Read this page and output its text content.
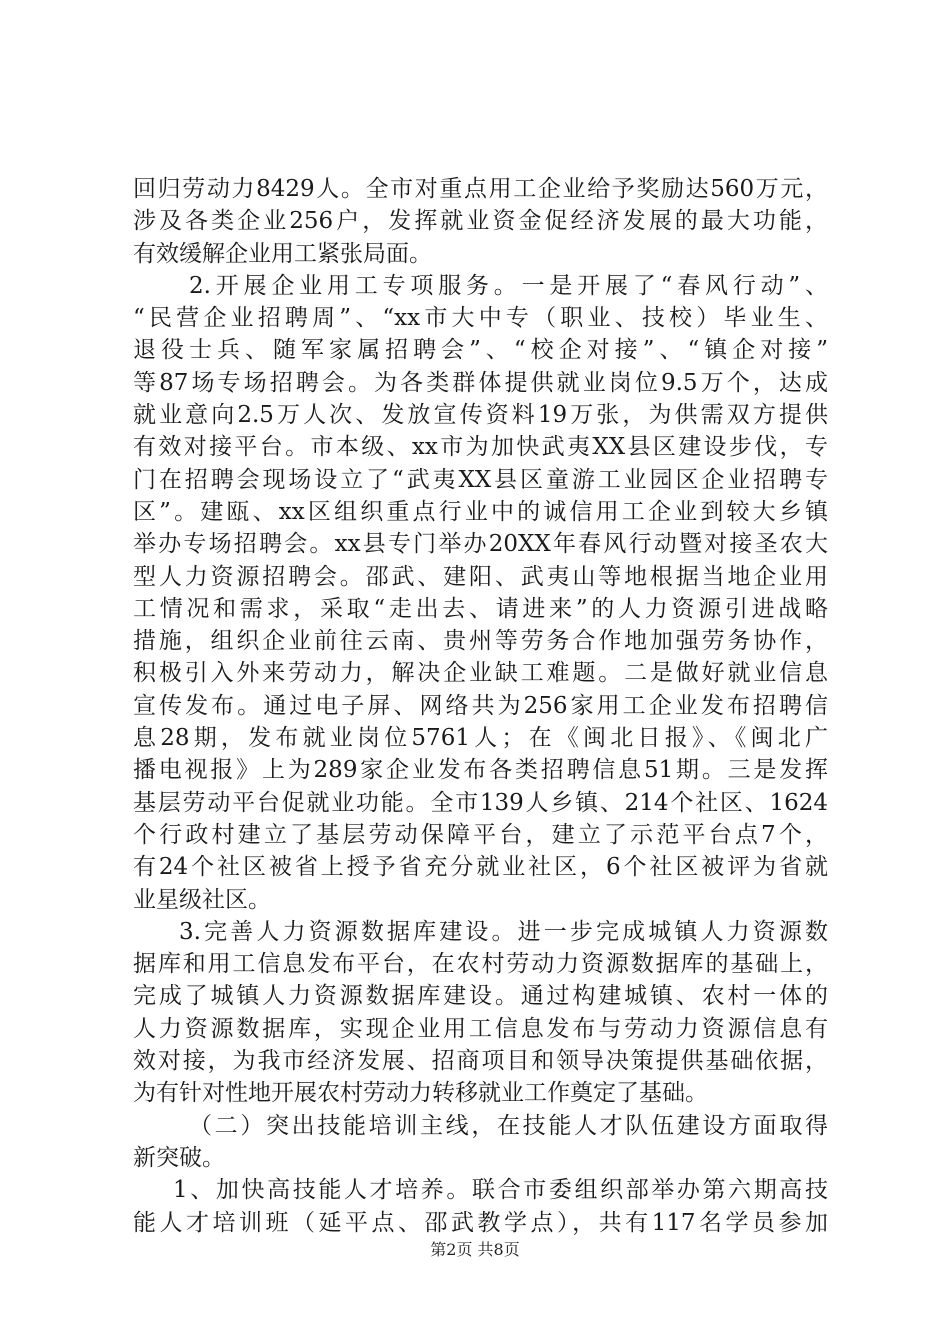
回归劳动力8429人。全市对重点用工企业给予奖励达560万元，
涉及各类企业256户，发挥就业资金促经济发展的最大功能，
有效缓解企业用工紧张局面。
2.开展企业用工专项服务。一是开展了“春风行动”、
“民营企业招聘周”、“xx市大中专（职业、技校）毕业生、
退役士兵、随军家属招聘会”、“校企对接”、“镇企对接”
等87场专场招聘会。为各类群体提供就业岗位9.5万个，达成
就业意向2.5万人次、发放宣传资料19万张，为供需双方提供
有效对接平台。市本级、xx市为加快武夷XX县区建设步伐，专
门在招聘会现场设立了“武夷XX县区童游工业园区企业招聘专
区”。建瓯、xx区组织重点行业中的诚信用工企业到较大乡镇
举办专场招聘会。xx县专门举办20XX年春风行动暨对接圣农大
型人力资源招聘会。邵武、建阳、武夷山等地根据当地企业用
工情况和需求，采取“走出去、请进来”的人力资源引进战略
措施，组织企业前往云南、贵州等劳务合作地加强劳务协作，
积极引入外来劳动力，解决企业缺工难题。二是做好就业信息
宣传发布。通过电子屏、网络共为256家用工企业发布招聘信
息28期，发布就业岗位5761人；在《闽北日报》、《闽北广
播电视报》上为289家企业发布各类招聘信息51期。三是发挥
基层劳动平台促就业功能。全市139人乡镇、214个社区、1624
个行政村建立了基层劳动保障平台，建立了示范平台点7个，
有24个社区被省上授予省充分就业社区，6个社区被评为省就
业星级社区。
3.完善人力资源数据库建设。进一步完成城镇人力资源数
据库和用工信息发布平台，在农村劳动力资源数据库的基础上，
完成了城镇人力资源数据库建设。通过构建城镇、农村一体的
人力资源数据库，实现企业用工信息发布与劳动力资源信息有
效对接，为我市经济发展、招商项目和领导决策提供基础依据，
为有针对性地开展农村劳动力转移就业工作奠定了基础。
（二）突出技能培训主线，在技能人才队伍建设方面取得
新突破。
1、加快高技能人才培养。联合市委组织部举办第六期高技
能人才培训班（延平点、邵武教学点），共有117名学员参加
第2页 共8页
